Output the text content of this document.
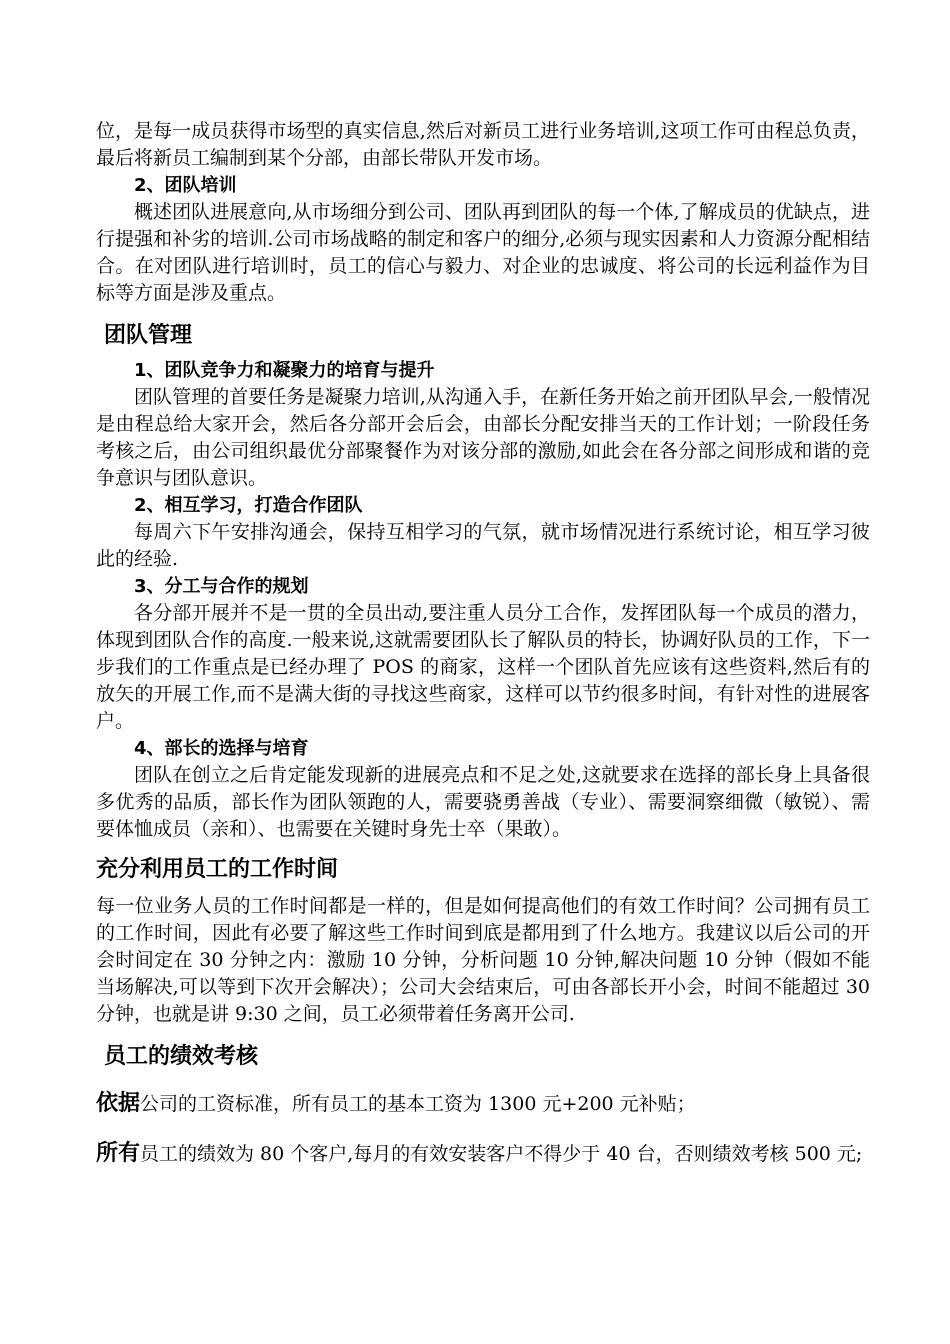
位，是每一成员获得市场型的真实信息,然后对新员工进行业务培训,这项工作可由程总负责，最后将新员工编制到某个分部，由部长带队开发市场。

2、团队培训

概述团队进展意向,从市场细分到公司、团队再到团队的每一个体,了解成员的优缺点，进行提强和补劣的培训.公司市场战略的制定和客户的细分,必须与现实因素和人力资源分配相结合。在对团队进行培训时，员工的信心与毅力、对企业的忠诚度、将公司的长远利益作为目标等方面是涉及重点。

团队管理

1、团队竞争力和凝聚力的培育与提升

团队管理的首要任务是凝聚力培训,从沟通入手，在新任务开始之前开团队早会,一般情况是由程总给大家开会，然后各分部开会后会，由部长分配安排当天的工作计划；一阶段任务考核之后，由公司组织最优分部聚餐作为对该分部的激励,如此会在各分部之间形成和谐的竞争意识与团队意识。

2、相互学习，打造合作团队

每周六下午安排沟通会，保持互相学习的气氛，就市场情况进行系统讨论，相互学习彼此的经验.

3、分工与合作的规划

各分部开展并不是一贯的全员出动,要注重人员分工合作，发挥团队每一个成员的潜力，体现到团队合作的高度.一般来说,这就需要团队长了解队员的特长，协调好队员的工作，下一步我们的工作重点是已经办理了 POS 的商家，这样一个团队首先应该有这些资料,然后有的放矢的开展工作,而不是满大街的寻找这些商家，这样可以节约很多时间，有针对性的进展客户。

4、部长的选择与培育

团队在创立之后肯定能发现新的进展亮点和不足之处,这就要求在选择的部长身上具备很多优秀的品质，部长作为团队领跑的人，需要骁勇善战（专业）、需要洞察细微（敏锐）、需要体恤成员（亲和）、也需要在关键时身先士卒（果敢）。

充分利用员工的工作时间

每一位业务人员的工作时间都是一样的，但是如何提高他们的有效工作时间？公司拥有员工的工作时间，因此有必要了解这些工作时间到底是都用到了什么地方。我建议以后公司的开会时间定在 30 分钟之内：激励 10 分钟，分析问题 10 分钟,解决问题 10 分钟（假如不能当场解决,可以等到下次开会解决）；公司大会结束后，可由各部长开小会，时间不能超过 30 分钟，也就是讲 9:30 之间，员工必须带着任务离开公司.

员工的绩效考核

依据公司的工资标准，所有员工的基本工资为 1300 元+200 元补贴；

所有员工的绩效为 80 个客户,每月的有效安装客户不得少于 40 台，否则绩效考核 500 元;
